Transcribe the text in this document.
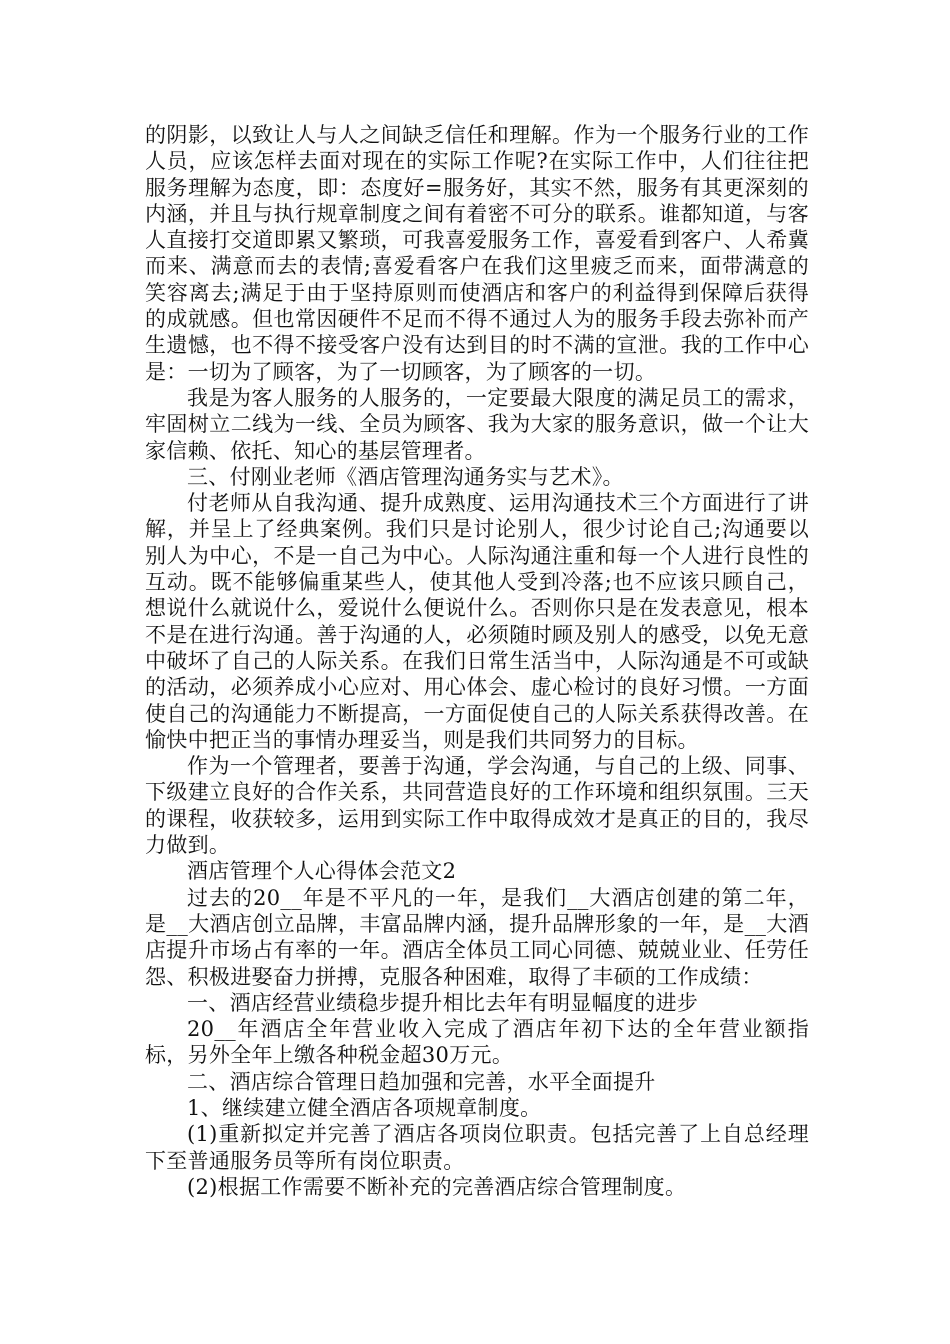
的阴影，以致让人与人之间缺乏信任和理解。作为一个服务行业的工作人员，应该怎样去面对现在的实际工作呢?在实际工作中，人们往往把服务理解为态度，即：态度好=服务好，其实不然，服务有其更深刻的内涵，并且与执行规章制度之间有着密不可分的联系。谁都知道，与客人直接打交道即累又繁琐，可我喜爱服务工作，喜爱看到客户、人希冀而来、满意而去的表情;喜爱看客户在我们这里疲乏而来，面带满意的笑容离去;满足于由于坚持原则而使酒店和客户的利益得到保障后获得的成就感。但也常因硬件不足而不得不通过人为的服务手段去弥补而产生遗憾，也不得不接受客户没有达到目的时不满的宣泄。我的工作中心是：一切为了顾客，为了一切顾客，为了顾客的一切。

我是为客人服务的人服务的，一定要最大限度的满足员工的需求，牢固树立二线为一线、全员为顾客、我为大家的服务意识，做一个让大家信赖、依托、知心的基层管理者。

三、付刚业老师《酒店管理沟通务实与艺术》。

付老师从自我沟通、提升成熟度、运用沟通技术三个方面进行了讲解，并呈上了经典案例。我们只是讨论别人，很少讨论自己;沟通要以别人为中心，不是一自己为中心。人际沟通注重和每一个人进行良性的互动。既不能够偏重某些人，使其他人受到冷落;也不应该只顾自己，想说什么就说什么，爱说什么便说什么。否则你只是在发表意见，根本不是在进行沟通。善于沟通的人，必须随时顾及别人的感受，以免无意中破坏了自己的人际关系。在我们日常生活当中，人际沟通是不可或缺的活动，必须养成小心应对、用心体会、虚心检讨的良好习惯。一方面使自己的沟通能力不断提高，一方面促使自己的人际关系获得改善。在愉快中把正当的事情办理妥当，则是我们共同努力的目标。

作为一个管理者，要善于沟通，学会沟通，与自己的上级、同事、下级建立良好的合作关系，共同营造良好的工作环境和组织氛围。三天的课程，收获较多，运用到实际工作中取得成效才是真正的目的，我尽力做到。

酒店管理个人心得体会范文2

过去的20__年是不平凡的一年，是我们__大酒店创建的第二年，是__大酒店创立品牌，丰富品牌内涵，提升品牌形象的一年，是__大酒店提升市场占有率的一年。酒店全体员工同心同德、兢兢业业、任劳任怨、积极进娶奋力拼搏，克服各种困难，取得了丰硕的工作成绩：

一、酒店经营业绩稳步提升相比去年有明显幅度的进步

20__年酒店全年营业收入完成了酒店年初下达的全年营业额指标，另外全年上缴各种税金超30万元。

二、酒店综合管理日趋加强和完善，水平全面提升

1、继续建立健全酒店各项规章制度。

(1)重新拟定并完善了酒店各项岗位职责。包括完善了上自总经理下至普通服务员等所有岗位职责。

(2)根据工作需要不断补充的完善酒店综合管理制度。
